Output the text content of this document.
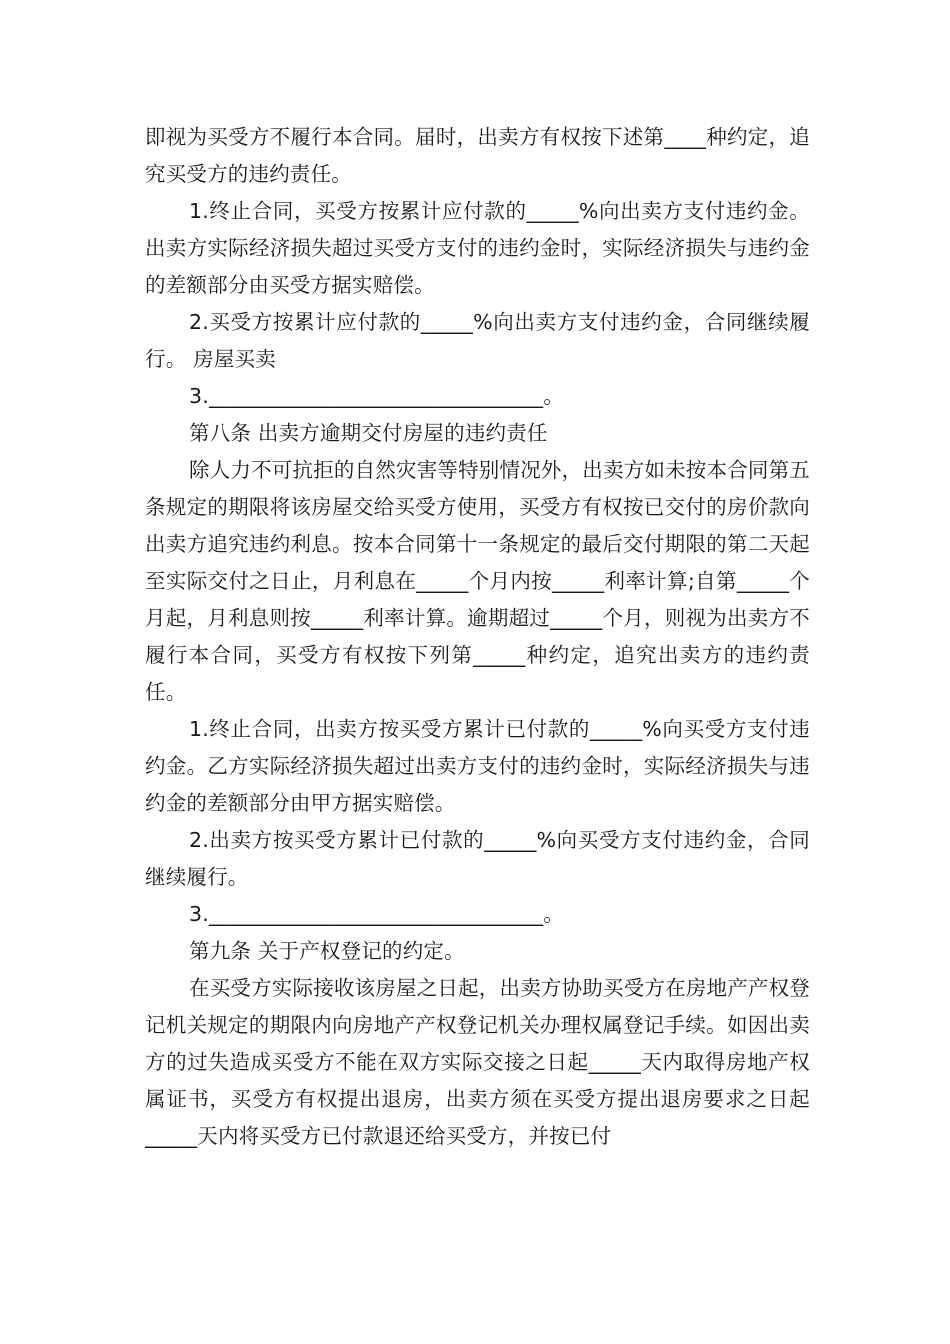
即视为买受方不履行本合同。届时，出卖方有权按下述第____种约定，追究买受方的违约责任。

1.终止合同，买受方按累计应付款的_____%向出卖方支付违约金。出卖方实际经济损失超过买受方支付的违约金时，实际经济损失与违约金的差额部分由买受方据实赔偿。

2.买受方按累计应付款的_____%向出卖方支付违约金，合同继续履行。 房屋买卖

3.________________________________。

第八条 出卖方逾期交付房屋的违约责任

除人力不可抗拒的自然灾害等特别情况外，出卖方如未按本合同第五条规定的期限将该房屋交给买受方使用，买受方有权按已交付的房价款向出卖方追究违约利息。按本合同第十一条规定的最后交付期限的第二天起至实际交付之日止，月利息在_____个月内按_____利率计算;自第_____个月起，月利息则按_____利率计算。逾期超过_____个月，则视为出卖方不履行本合同，买受方有权按下列第_____种约定，追究出卖方的违约责任。

1.终止合同，出卖方按买受方累计已付款的_____%向买受方支付违约金。乙方实际经济损失超过出卖方支付的违约金时，实际经济损失与违约金的差额部分由甲方据实赔偿。

2.出卖方按买受方累计已付款的_____%向买受方支付违约金，合同继续履行。

3.________________________________。

第九条 关于产权登记的约定。

在买受方实际接收该房屋之日起，出卖方协助买受方在房地产产权登记机关规定的期限内向房地产产权登记机关办理权属登记手续。如因出卖方的过失造成买受方不能在双方实际交接之日起_____天内取得房地产权属证书，买受方有权提出退房，出卖方须在买受方提出退房要求之日起_____天内将买受方已付款退还给买受方，并按已付
